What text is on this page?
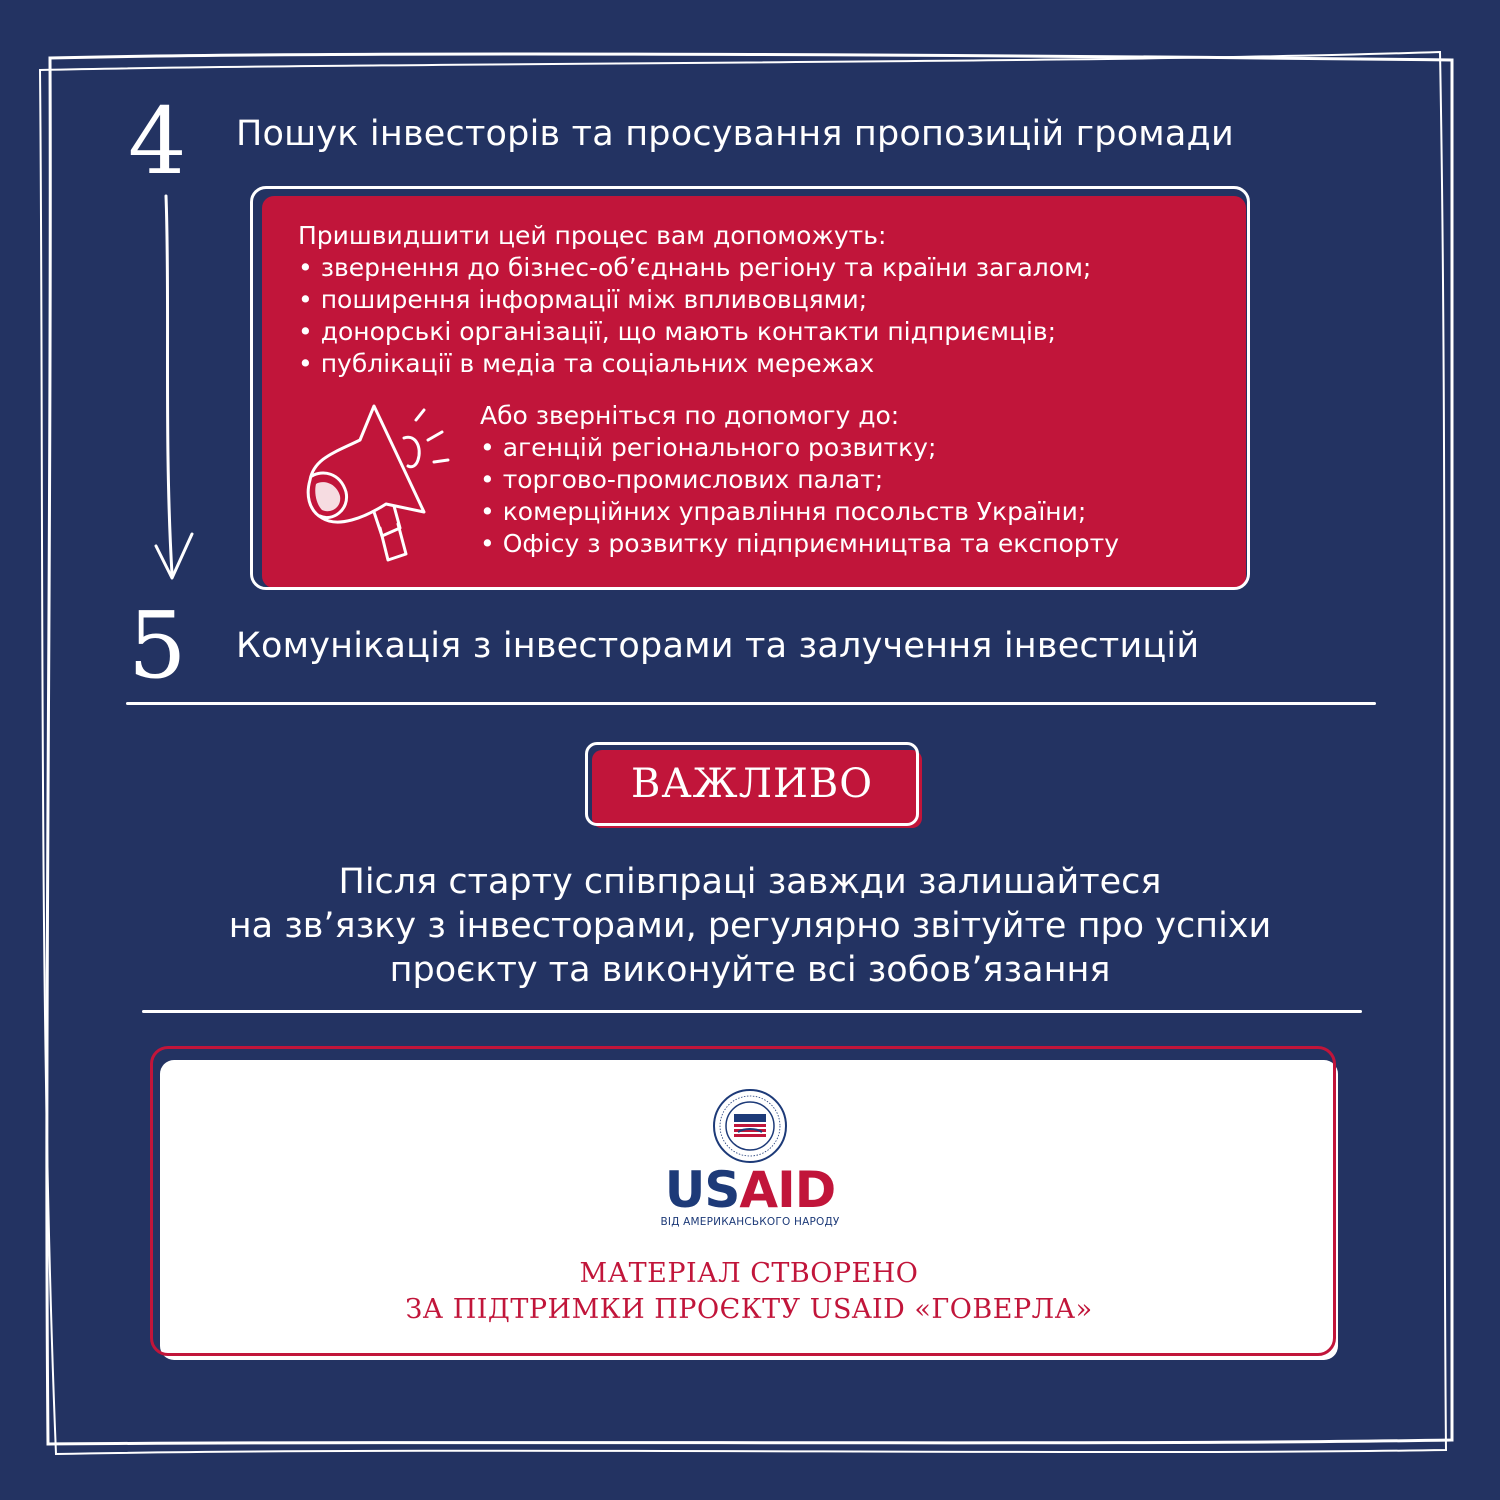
4 Пошук інвесторів та просування пропозицій громади
Пришвидшити цей процес вам допоможуть:
• звернення до бізнес-об’єднань регіону та країни загалом;
• поширення інформації між впливовцями;
• донорські організації, що мають контакти підприємців;
• публікації в медіа та соціальних мережах
Або зверніться по допомогу до:
• агенцій регіонального розвитку;
• торгово-промислових палат;
• комерційних управління посольств України;
• Офісу з розвитку підприємництва та експорту
5 Комунікація з інвесторами та залучення інвестицій
ВАЖЛИВО
Після старту співпраці завжди залишайтеся
на зв’язку з інвесторами, регулярно звітуйте про успіхи
проєкту та виконуйте всі зобов’язання
USAID
ВІД АМЕРИКАНСЬКОГО НАРОДУ
МАТЕРІАЛ СТВОРЕНО
ЗА ПІДТРИМКИ ПРОЄКТУ USAID «ГОВЕРЛА»
